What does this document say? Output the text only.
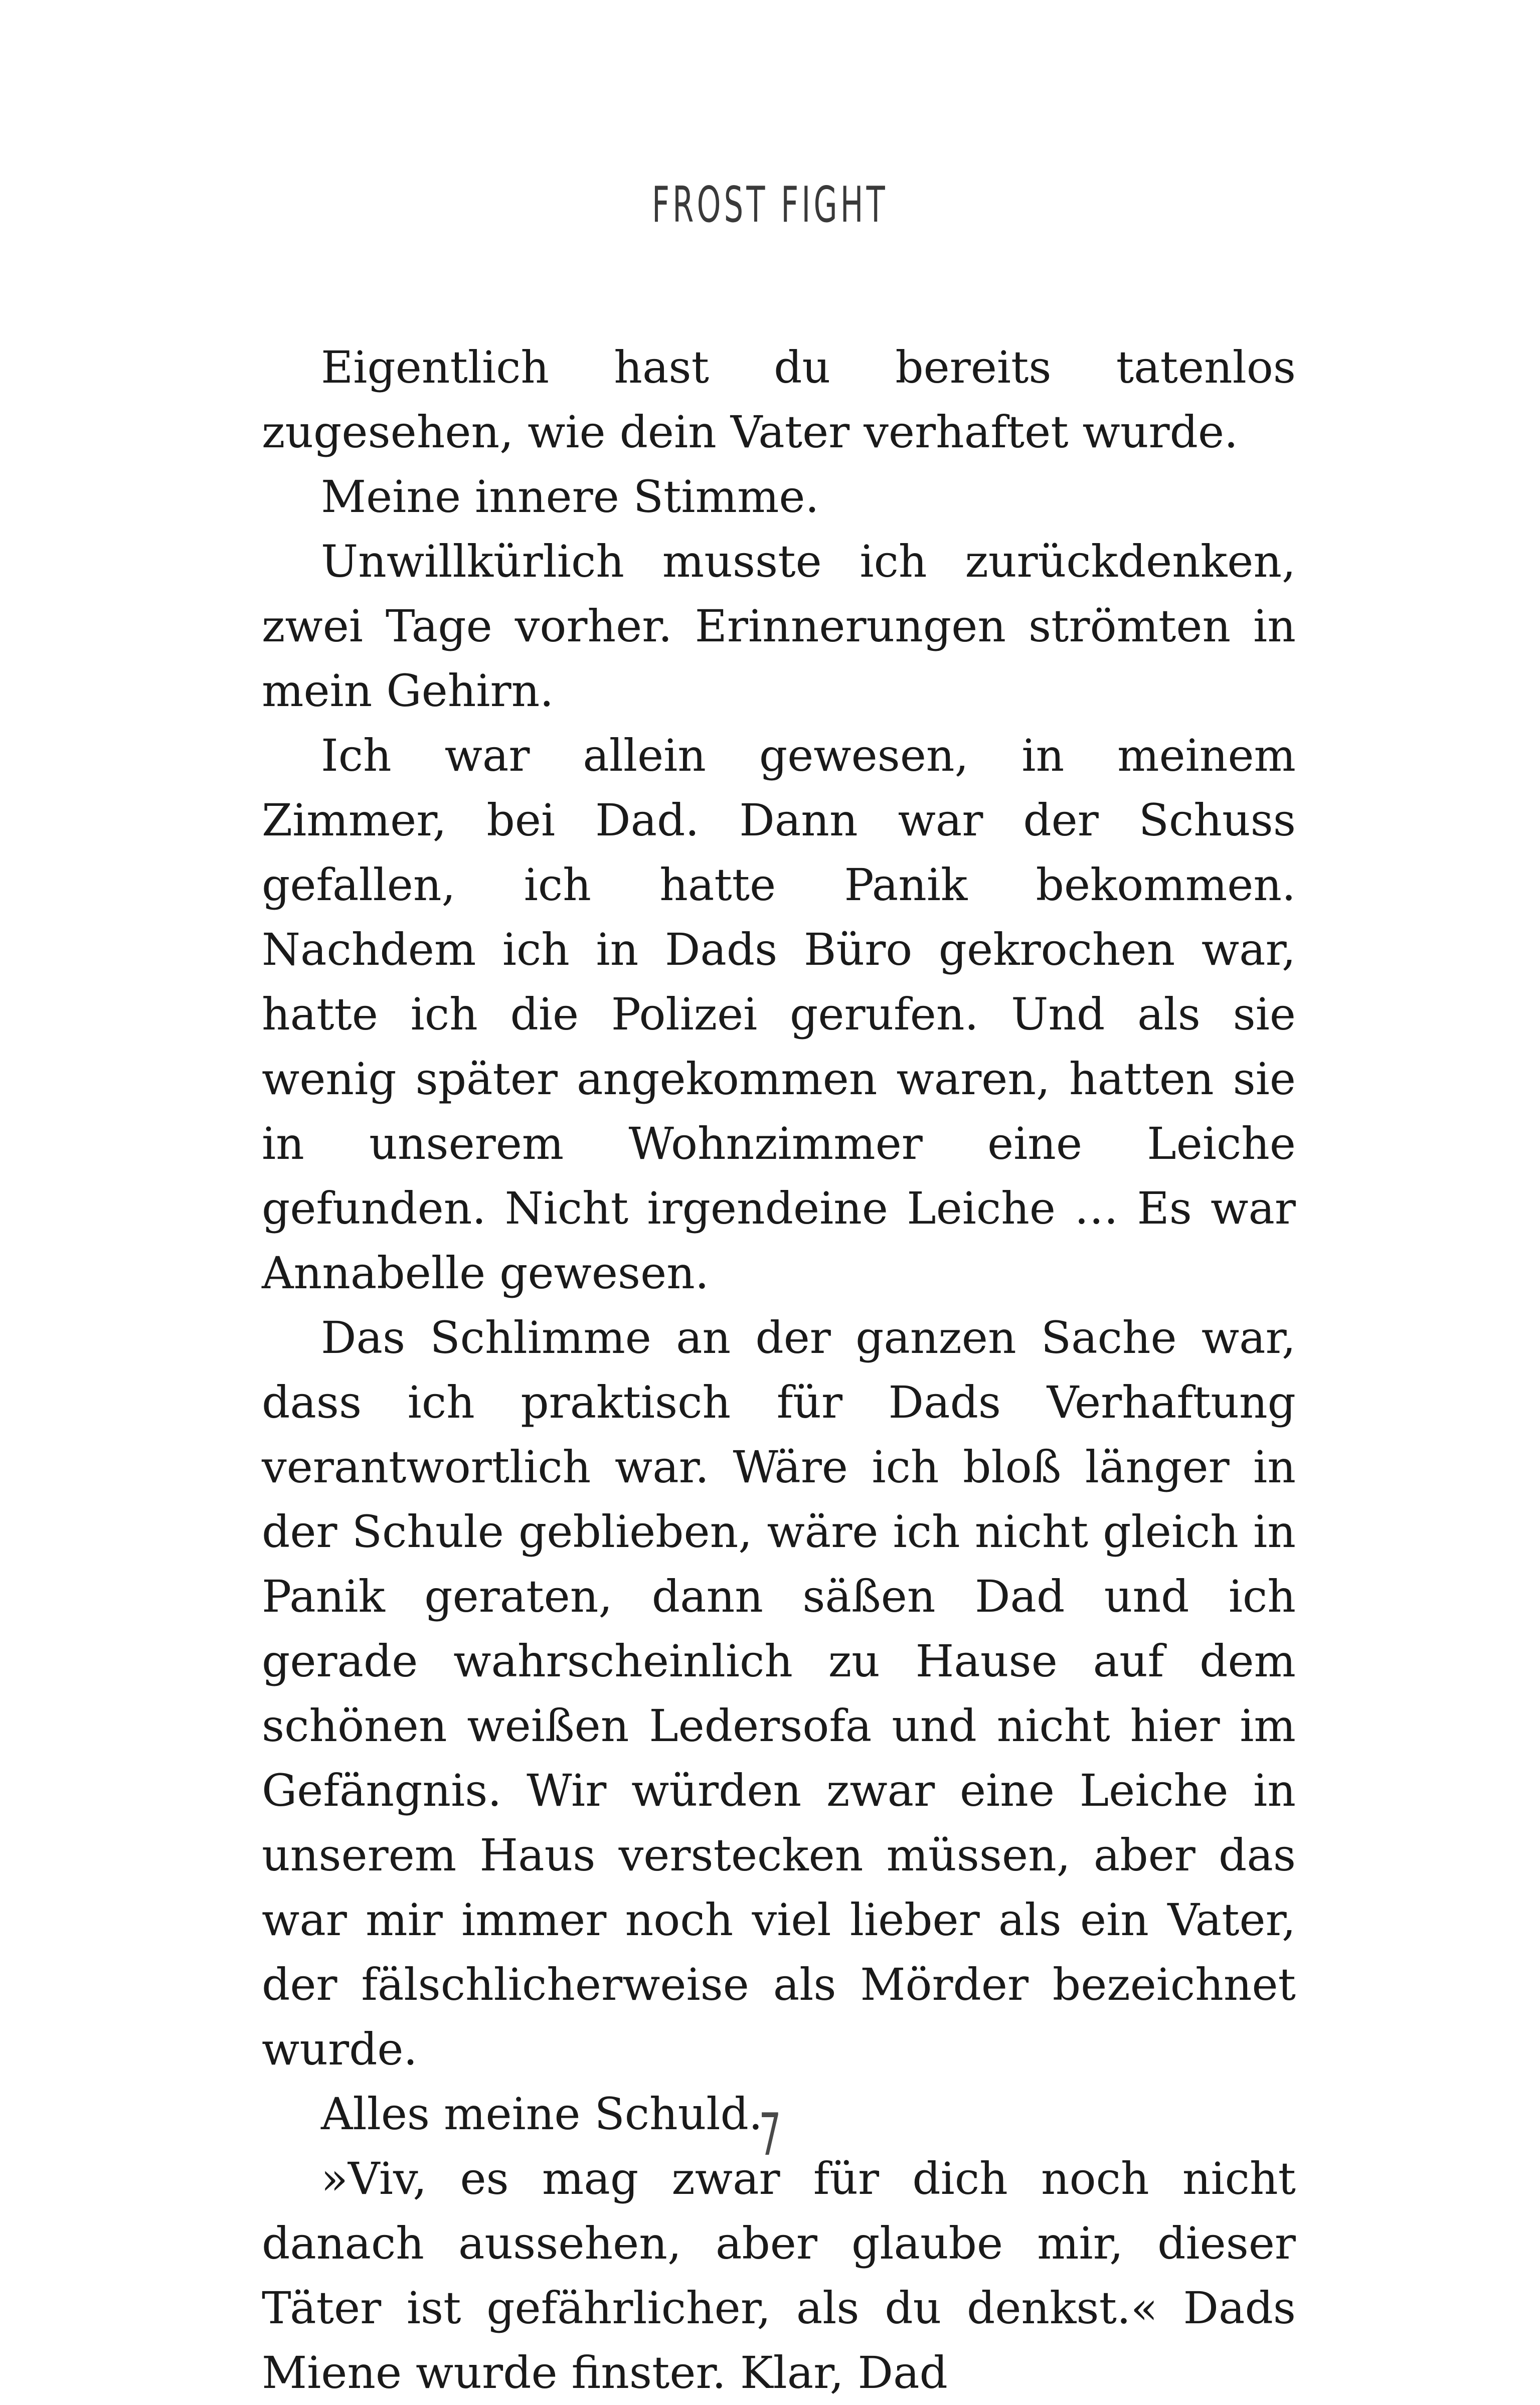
FROST FIGHT

Eigentlich hast du bereits tatenlos zugesehen, wie dein Vater verhaftet wurde.

Meine innere Stimme.

Unwillkürlich musste ich zurückdenken, zwei Tage vorher. Erinnerungen strömten in mein Gehirn.

Ich war allein gewesen, in meinem Zimmer, bei Dad. Dann war der Schuss gefallen, ich hatte Panik bekommen. Nachdem ich in Dads Büro gekrochen war, hatte ich die Polizei gerufen. Und als sie wenig später angekommen waren, hatten sie in unserem Wohnzimmer eine Leiche gefunden. Nicht irgendeine Leiche … Es war Annabelle gewesen.

Das Schlimme an der ganzen Sache war, dass ich praktisch für Dads Verhaftung verantwortlich war. Wäre ich bloß länger in der Schule geblieben, wäre ich nicht gleich in Panik geraten, dann säßen Dad und ich gerade wahrscheinlich zu Hause auf dem schönen weißen Ledersofa und nicht hier im Gefängnis. Wir würden zwar eine Leiche in unserem Haus verstecken müssen, aber das war mir immer noch viel lieber als ein Vater, der fälschlicherweise als Mörder bezeichnet wurde.

Alles meine Schuld.

»Viv, es mag zwar für dich noch nicht danach aussehen, aber glaube mir, dieser Täter ist gefährlicher, als du denkst.« Dads Miene wurde finster. Klar, Dad

7
